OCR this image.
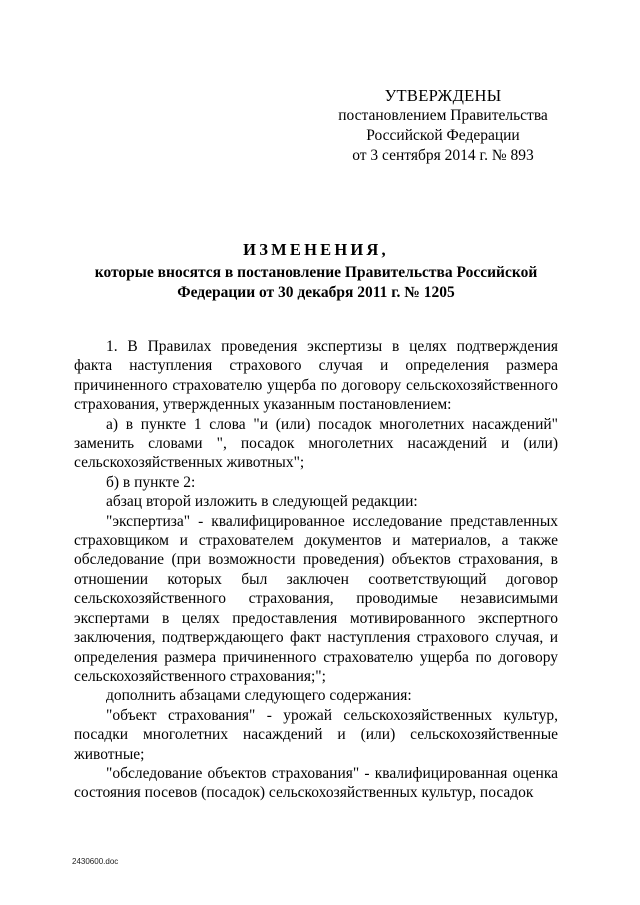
УТВЕРЖДЕНЫ
постановлением Правительства
Российской Федерации
от 3 сентября 2014 г. № 893
ИЗМЕНЕНИЯ,
которые вносятся в постановление Правительства Российской
Федерации от 30 декабря 2011 г. № 1205

1. В Правилах проведения экспертизы в целях подтверждения факта наступления страхового случая и определения размера причиненного страхователю ущерба по договору сельскохозяйственного страхования, утвержденных указанным постановлением:

а) в пункте 1 слова "и (или) посадок многолетних насаждений" заменить словами ", посадок многолетних насаждений и (или) сельскохозяйственных животных";

б) в пункте 2:

абзац второй изложить в следующей редакции:

"экспертиза" - квалифицированное исследование представленных страховщиком и страхователем документов и материалов, а также обследование (при возможности проведения) объектов страхования, в отношении которых был заключен соответствующий договор сельскохозяйственного страхования, проводимые независимыми экспертами в целях предоставления мотивированного экспертного заключения, подтверждающего факт наступления страхового случая, и определения размера причиненного страхователю ущерба по договору сельскохозяйственного страхования;";

дополнить абзацами следующего содержания:

"объект страхования" - урожай сельскохозяйственных культур, посадки многолетних насаждений и (или) сельскохозяйственные животные;

"обследование объектов страхования" - квалифицированная оценка состояния посевов (посадок) сельскохозяйственных культур, посадок

2430600.doc
